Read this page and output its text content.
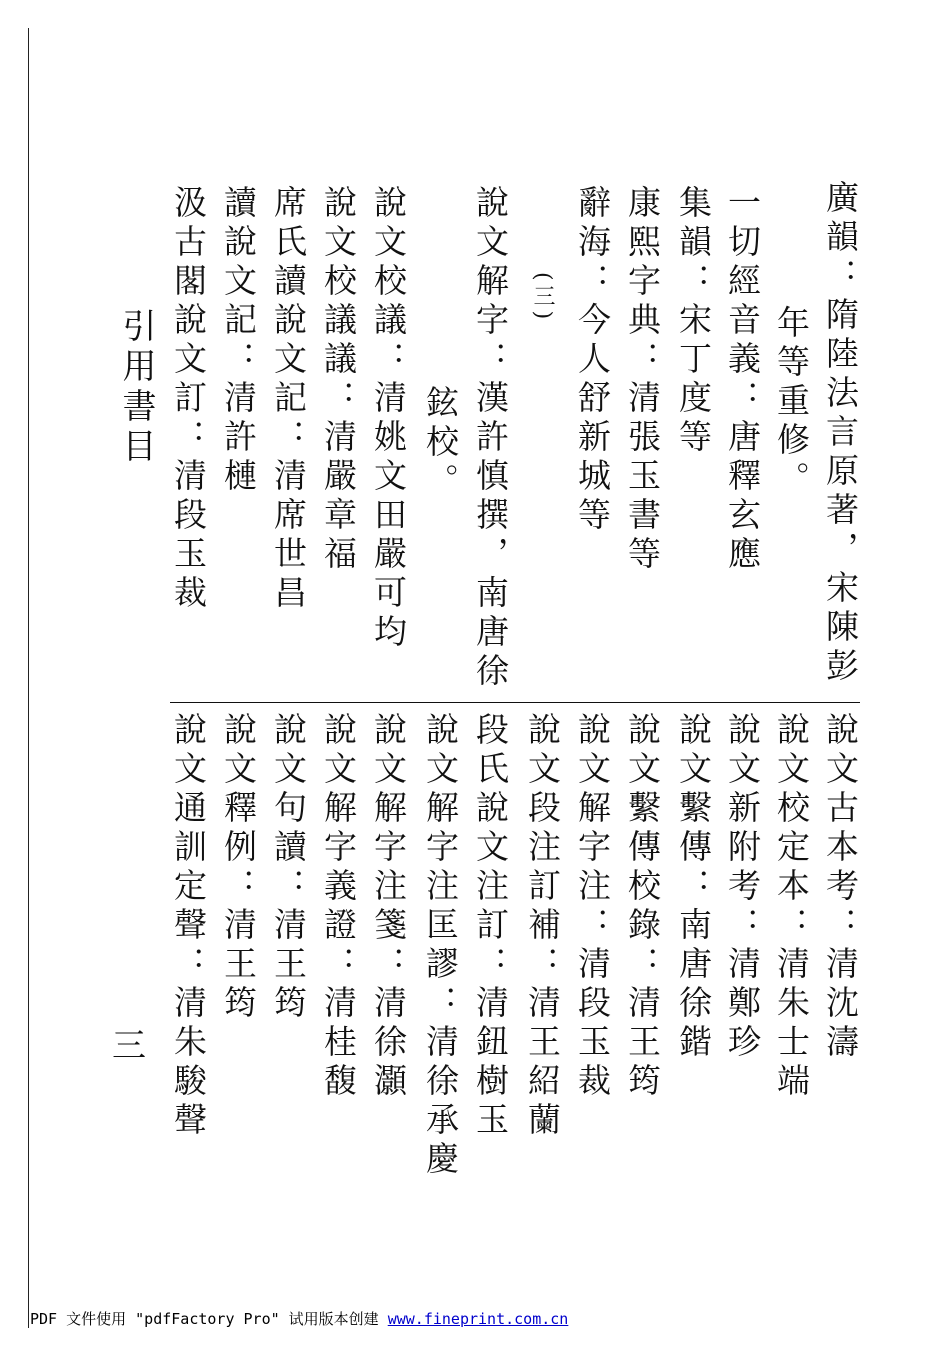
廣韻：隋陸法言原著，宋陳彭
年等重修。
一切經音義：唐釋玄應
集韻：宋丁度等
康熙字典：清張玉書等
辭海：今人舒新城等
(三)
說文解字：漢許慎撰，南唐徐
鉉校。
說文校議：清姚文田嚴可均
說文校議議：清嚴章福
席氏讀說文記：清席世昌
讀說文記：清許槤
汲古閣說文訂：清段玉裁
說文古本考：清沈濤
說文校定本：清朱士端
說文新附考：清鄭珍
說文繫傳：南唐徐鍇
說文繫傳校錄：清王筠
說文解字注：清段玉裁
說文段注訂補：清王紹蘭
段氏說文注訂：清鈕樹玉
說文解字注匡謬：清徐承慶
說文解字注箋：清徐灝
說文解字義證：清桂馥
說文句讀：清王筠
說文釋例：清王筠
說文通訓定聲：清朱駿聲
引用書目
三
PDF 文件使用 "pdfFactory Pro" 试用版本创建 www.fineprint.com.cn
